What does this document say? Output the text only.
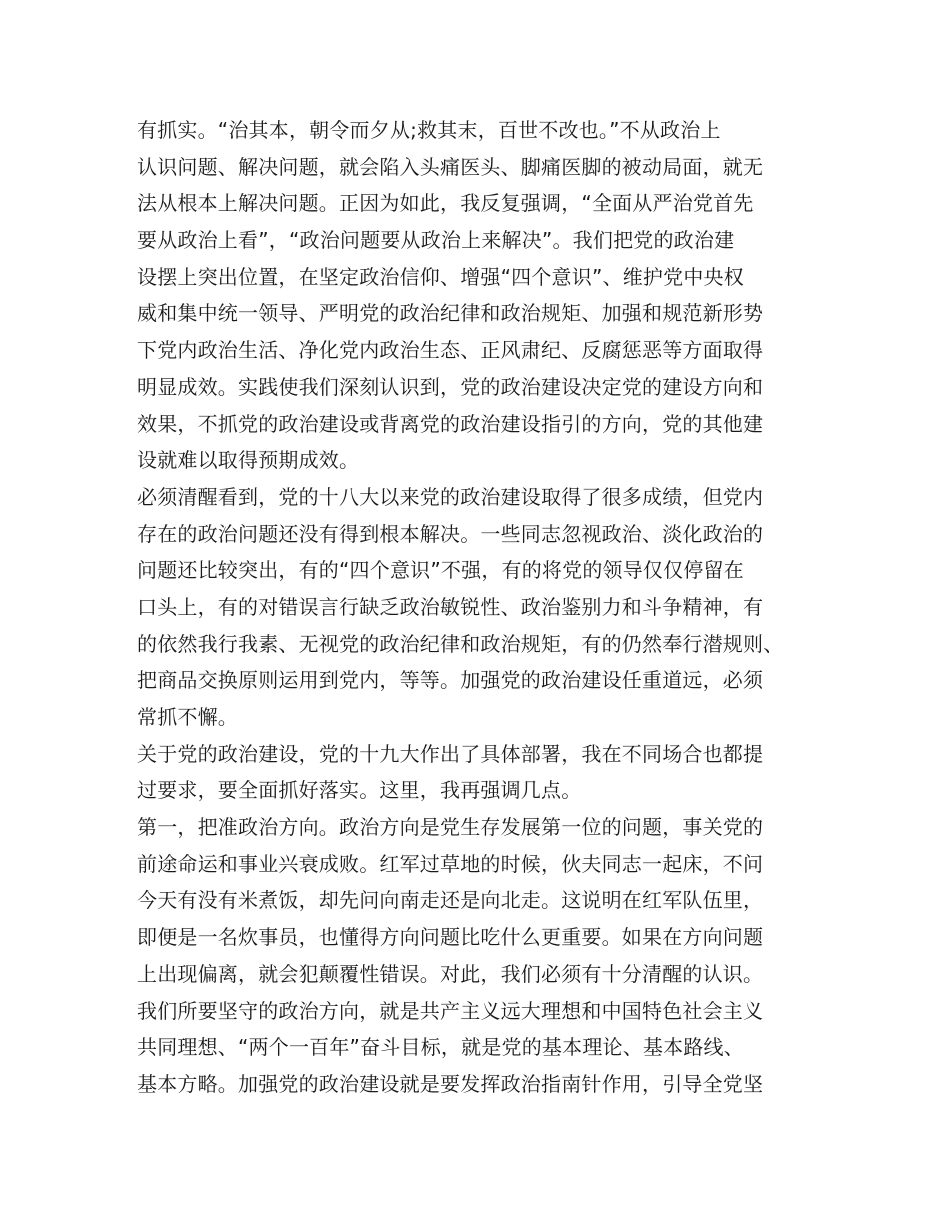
有抓实。“治其本，朝令而夕从;救其末，百世不改也。”不从政治上
认识问题、解决问题，就会陷入头痛医头、脚痛医脚的被动局面，就无
法从根本上解决问题。正因为如此，我反复强调，“全面从严治党首先
要从政治上看”，“政治问题要从政治上来解决”。我们把党的政治建
设摆上突出位置，在坚定政治信仰、增强“四个意识”、维护党中央权
威和集中统一领导、严明党的政治纪律和政治规矩、加强和规范新形势
下党内政治生活、净化党内政治生态、正风肃纪、反腐惩恶等方面取得
明显成效。实践使我们深刻认识到，党的政治建设决定党的建设方向和
效果，不抓党的政治建设或背离党的政治建设指引的方向，党的其他建
设就难以取得预期成效。
必须清醒看到，党的十八大以来党的政治建设取得了很多成绩，但党内
存在的政治问题还没有得到根本解决。一些同志忽视政治、淡化政治的
问题还比较突出，有的“四个意识”不强，有的将党的领导仅仅停留在
口头上，有的对错误言行缺乏政治敏锐性、政治鉴别力和斗争精神，有
的依然我行我素、无视党的政治纪律和政治规矩，有的仍然奉行潜规则、
把商品交换原则运用到党内，等等。加强党的政治建设任重道远，必须
常抓不懈。
关于党的政治建设，党的十九大作出了具体部署，我在不同场合也都提
过要求，要全面抓好落实。这里，我再强调几点。
第一，把准政治方向。政治方向是党生存发展第一位的问题，事关党的
前途命运和事业兴衰成败。红军过草地的时候，伙夫同志一起床，不问
今天有没有米煮饭，却先问向南走还是向北走。这说明在红军队伍里，
即便是一名炊事员，也懂得方向问题比吃什么更重要。如果在方向问题
上出现偏离，就会犯颠覆性错误。对此，我们必须有十分清醒的认识。
我们所要坚守的政治方向，就是共产主义远大理想和中国特色社会主义
共同理想、“两个一百年”奋斗目标，就是党的基本理论、基本路线、
基本方略。加强党的政治建设就是要发挥政治指南针作用，引导全党坚
